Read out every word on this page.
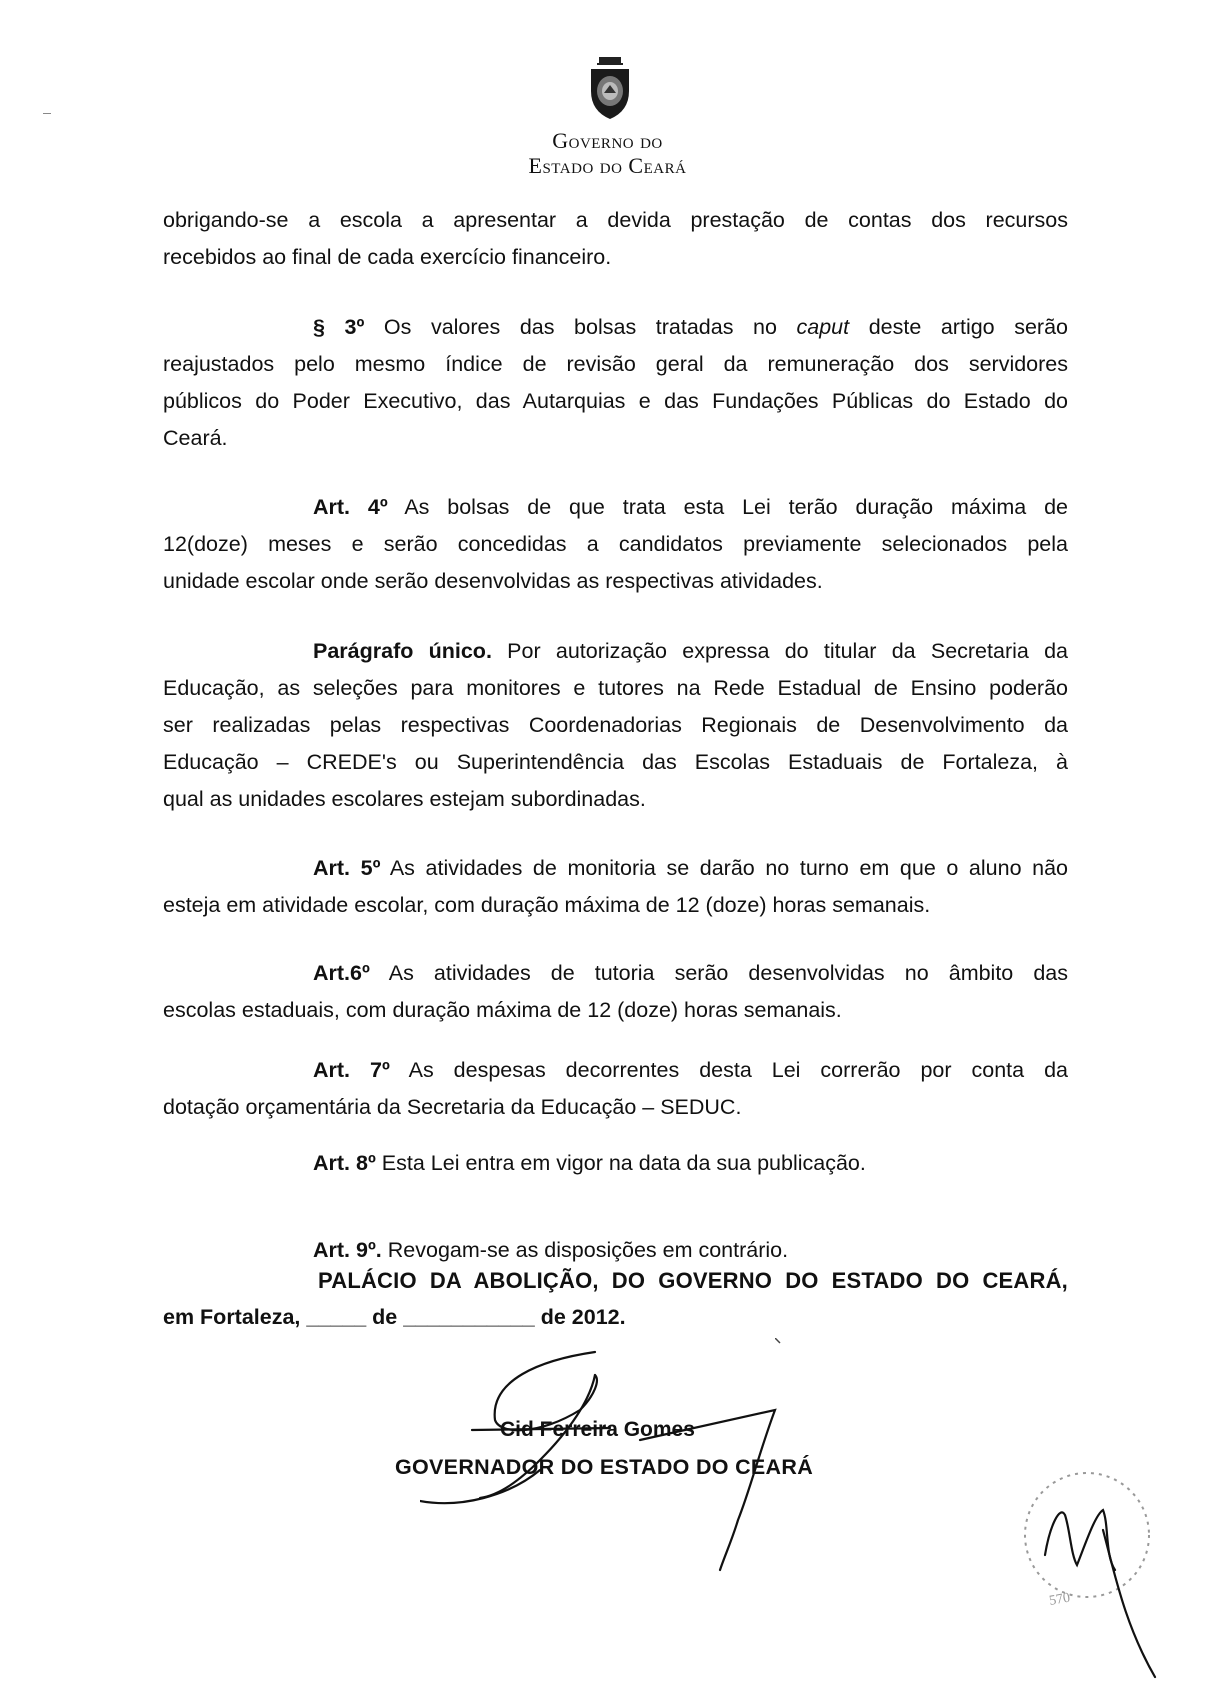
Governo do
Estado do Ceará

obrigando-se a escola a apresentar a devida prestação de contas dos recursos
recebidos ao final de cada exercício financeiro.

§ 3º Os valores das bolsas tratadas no caput deste artigo serão
reajustados pelo mesmo índice de revisão geral da remuneração dos servidores
públicos do Poder Executivo, das Autarquias e das Fundações Públicas do Estado do
Ceará.

Art. 4º As bolsas de que trata esta Lei terão duração máxima de
12(doze) meses e serão concedidas a candidatos previamente selecionados pela
unidade escolar onde serão desenvolvidas as respectivas atividades.

Parágrafo único. Por autorização expressa do titular da Secretaria da
Educação, as seleções para monitores e tutores na Rede Estadual de Ensino poderão
ser realizadas pelas respectivas Coordenadorias Regionais de Desenvolvimento da
Educação – CREDE's ou Superintendência das Escolas Estaduais de Fortaleza, à
qual as unidades escolares estejam subordinadas.

Art. 5º As atividades de monitoria se darão no turno em que o aluno não
esteja em atividade escolar, com duração máxima de 12 (doze) horas semanais.

Art.6º As atividades de tutoria serão desenvolvidas no âmbito das
escolas estaduais, com duração máxima de 12 (doze) horas semanais.

Art. 7º As despesas decorrentes desta Lei correrão por conta da
dotação orçamentária da Secretaria da Educação – SEDUC.

Art. 8º Esta Lei entra em vigor na data da sua publicação.

Art. 9º. Revogam-se as disposições em contrário.

PALÁCIO DA ABOLIÇÃO, DO GOVERNO DO ESTADO DO CEARÁ,
em Fortaleza, _____ de ___________ de 2012.
Cid Ferreira Gomes
GOVERNADOR DO ESTADO DO CEARÁ
570
